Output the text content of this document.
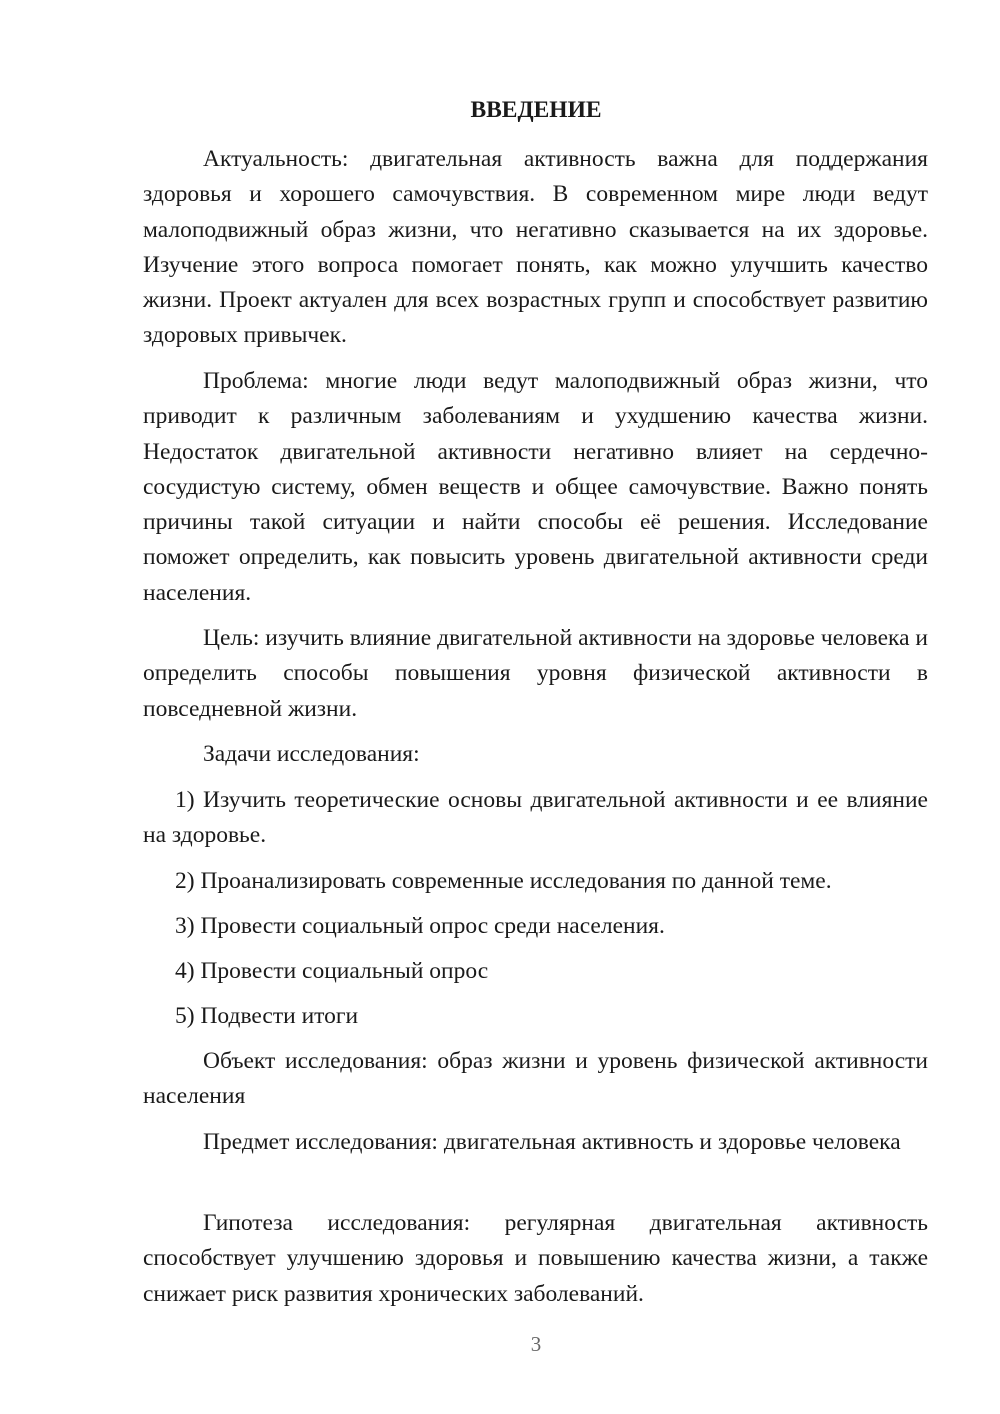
ВВЕДЕНИЕ

Актуальность: двигательная активность важна для поддержания здоровья и хорошего самочувствия. В современном мире люди ведут малоподвижный образ жизни, что негативно сказывается на их здоровье. Изучение этого вопроса помогает понять, как можно улучшить качество жизни. Проект актуален для всех возрастных групп и способствует развитию здоровых привычек.

Проблема: многие люди ведут малоподвижный образ жизни, что приводит к различным заболеваниям и ухудшению качества жизни. Недостаток двигательной активности негативно влияет на сердечно-сосудистую систему, обмен веществ и общее самочувствие. Важно понять причины такой ситуации и найти способы её решения. Исследование поможет определить, как повысить уровень двигательной активности среди населения.

Цель: изучить влияние двигательной активности на здоровье человека и определить способы повышения уровня физической активности в повседневной жизни.

Задачи исследования:

1) Изучить теоретические основы двигательной активности и ее влияние на здоровье.

2) Проанализировать современные исследования по данной теме.

3) Провести социальный опрос среди населения.

4) Провести социальный опрос

5) Подвести итоги

Объект исследования: образ жизни и уровень физической активности населения

Предмет исследования: двигательная активность и здоровье человека

Гипотеза исследования: регулярная двигательная активность способствует улучшению здоровья и повышению качества жизни, а также снижает риск развития хронических заболеваний.

3
